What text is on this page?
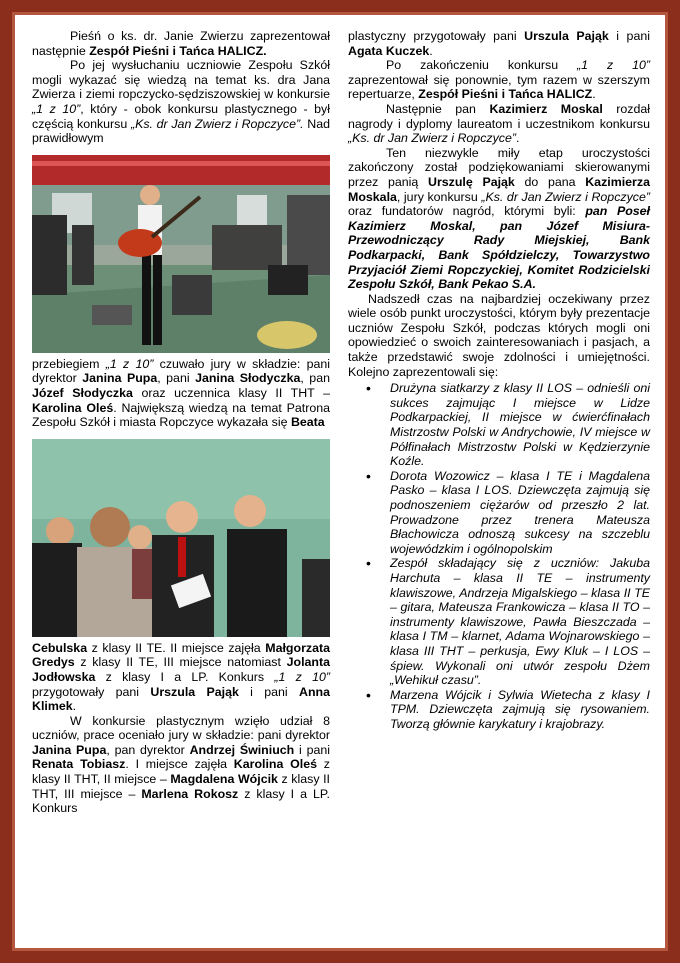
Pieśń o ks. dr. Janie Zwierzu zaprezentował następnie Zespół Pieśni i Tańca HALICZ.

Po jej wysłuchaniu uczniowie Zespołu Szkół mogli wykazać się wiedzą na temat ks. dra Jana Zwierza i ziemi ropczycko-sędziszowskiej w konkursie „1 z 10”, który - obok konkursu plastycznego - był częścią konkursu „Ks. dr Jan Zwierz i Ropczyce”. Nad prawidłowym

przebiegiem „1 z 10” czuwało jury w składzie: pani dyrektor Janina Pupa, pani Janina Słodyczka, pan Józef Słodyczka oraz uczennica klasy II THT – Karolina Oleś. Największą wiedzą na temat Patrona Zespołu Szkół i miasta Ropczyce wykazała się Beata

Cebulska z klasy II TE. II miejsce zajęła Małgorzata Gredys z klasy II TE, III miejsce natomiast Jolanta Jodłowska z klasy I a LP. Konkurs „1 z 10” przygotowały pani Urszula Pająk i pani Anna Klimek.

W konkursie plastycznym wzięło udział 8 uczniów, prace oceniało jury w składzie: pani dyrektor Janina Pupa, pan dyrektor Andrzej Świniuch i pani Renata Tobiasz. I miejsce zajęła Karolina Oleś z klasy II THT, II miejsce – Magdalena Wójcik z klasy II THT, III miejsce – Marlena Rokosz z klasy I a LP. Konkurs

plastyczny przygotowały pani Urszula Pająk i pani Agata Kuczek.

Po zakończeniu konkursu „1 z 10” zaprezentował się ponownie, tym razem w szerszym repertuarze, Zespół Pieśni i Tańca HALICZ.

Następnie pan Kazimierz Moskal rozdał nagrody i dyplomy laureatom i uczestnikom konkursu „Ks. dr Jan Zwierz i Ropczyce”.

Ten niezwykle miły etap uroczystości zakończony został podziękowaniami skierowanymi przez panią Urszulę Pająk do pana Kazimierza Moskala, jury konkursu „Ks. dr Jan Zwierz i Ropczyce” oraz fundatorów nagród, którymi byli: pan Poseł Kazimierz Moskal, pan Józef Misiura- Przewodniczący Rady Miejskiej, Bank Podkarpacki, Bank Spółdzielczy, Towarzystwo Przyjaciół Ziemi Ropczyckiej, Komitet Rodzicielski Zespołu Szkół, Bank Pekao S.A.

Nadszedł czas na najbardziej oczekiwany przez wiele osób punkt uroczystości, którym były prezentacje uczniów Zespołu Szkół, podczas których mogli oni opowiedzieć o swoich zainteresowaniach i pasjach, a także przedstawić swoje zdolności i umiejętności. Kolejno zaprezentowali się:

• Drużyna siatkarzy z klasy II LOS – odnieśli oni sukces zajmując I miejsce w Lidze Podkarpackiej, II miejsce w ćwierćfinałach Mistrzostw Polski w Andrychowie, IV miejsce w Półfinałach Mistrzostw Polski w Kędzierzynie Koźle.
• Dorota Wozowicz – klasa I TE i Magdalena Pasko – klasa I LOS. Dziewczęta zajmują się podnoszeniem ciężarów od przeszło 2 lat. Prowadzone przez trenera Mateusza Błachowicza odnoszą sukcesy na szczeblu wojewódzkim i ogólnopolskim
• Zespół składający się z uczniów: Jakuba Harchuta – klasa II TE – instrumenty klawiszowe, Andrzeja Migalskiego – klasa II TE – gitara, Mateusza Frankowicza – klasa II TO – instrumenty klawiszowe, Pawła Bieszczada – klasa I TM – klarnet, Adama Wojnarowskiego – klasa III THT – perkusja, Ewy Kluk – I LOS – śpiew. Wykonali oni utwór zespołu Dżem „Wehikuł czasu”.
• Marzena Wójcik i Sylwia Wietecha z klasy I TPM. Dziewczęta zajmują się rysowaniem. Tworzą głównie karykatury i krajobrazy.
